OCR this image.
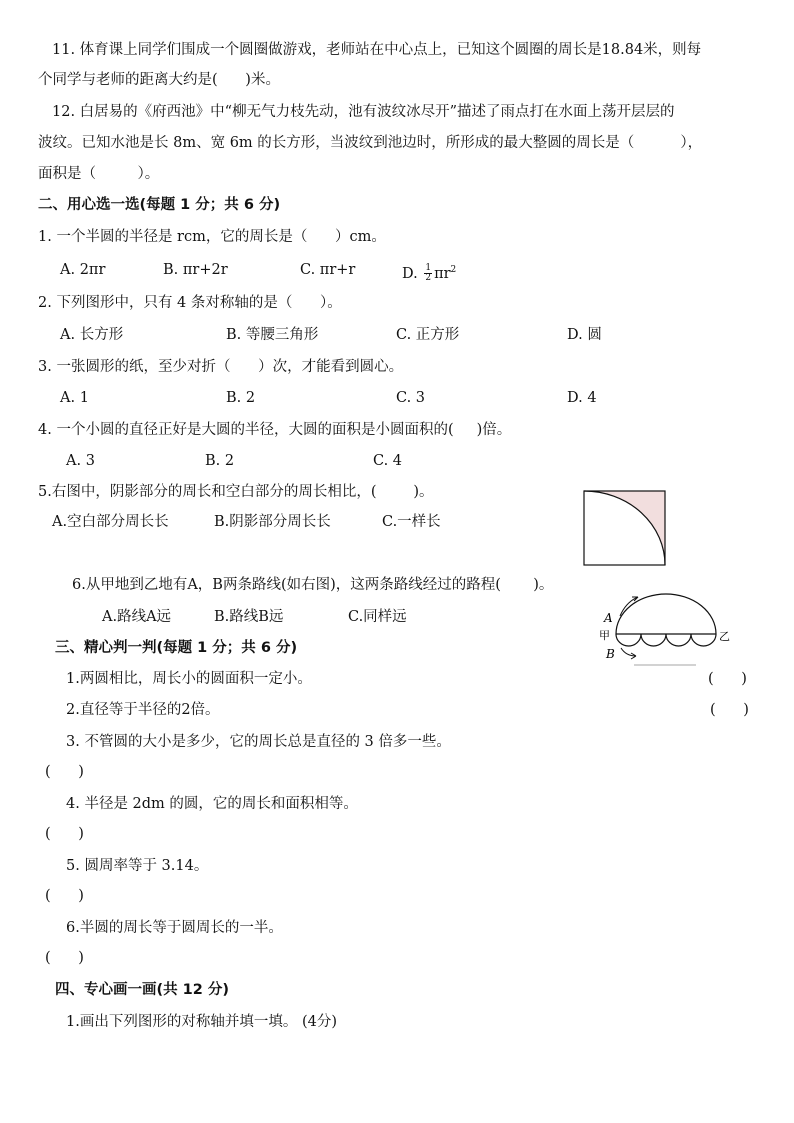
11. 体育课上同学们围成一个圆圈做游戏，老师站在中心点上，已知这个圆圈的周长是18.84米，则每
个同学与老师的距离大约是(      )米。
12. 白居易的《府西池》中“柳无气力枝先动，池有波纹冰尽开”描述了雨点打在水面上荡开层层的
波纹。已知水池是长 8m、宽 6m 的长方形，当波纹到池边时，所形成的最大整圆的周长是（          ），
面积是（         ）。
二、用心选一选(每题 1 分；共 6 分)
1. 一个半圆的半径是 rcm，它的周长是（      ）cm。
A. 2πr	B. πr+2r	C. πr+r	D. $\frac{1}{2} \pi r^2$
2. 下列图形中，只有 4 条对称轴的是（      ）。
A. 长方形	B. 等腰三角形	C. 正方形	D. 圆
3. 一张圆形的纸，至少对折（      ）次，才能看到圆心。
A. 1	B. 2	C. 3	D. 4
4. 一个小圆的直径正好是大圆的半径，大圆的面积是小圆面积的(     )倍。
A. 3	B. 2	C. 4
5.右图中，阴影部分的周长和空白部分的周长相比，(        )。
A.空白部分周长长	B.阴影部分周长长	C.一样长
6.从甲地到乙地有A，B两条路线(如右图)，这两条路线经过的路程(       )。
A.路线A远	B.路线B远	C.同样远	A
甲
B
乙
三、精心判一判(每题 1 分；共 6 分)
1.两圆相比，周长小的圆面积一定小。	(      )
2.直径等于半径的2倍。	(      )
3. 不管圆的大小是多少，它的周长总是直径的 3 倍多一些。
(      )
4. 半径是 2dm 的圆，它的周长和面积相等。
(      )
5. 圆周率等于 3.14。
(      )
6.半圆的周长等于圆周长的一半。
(      )
四、专心画一画(共 12 分)
1.画出下列图形的对称轴并填一填。 (4分)
